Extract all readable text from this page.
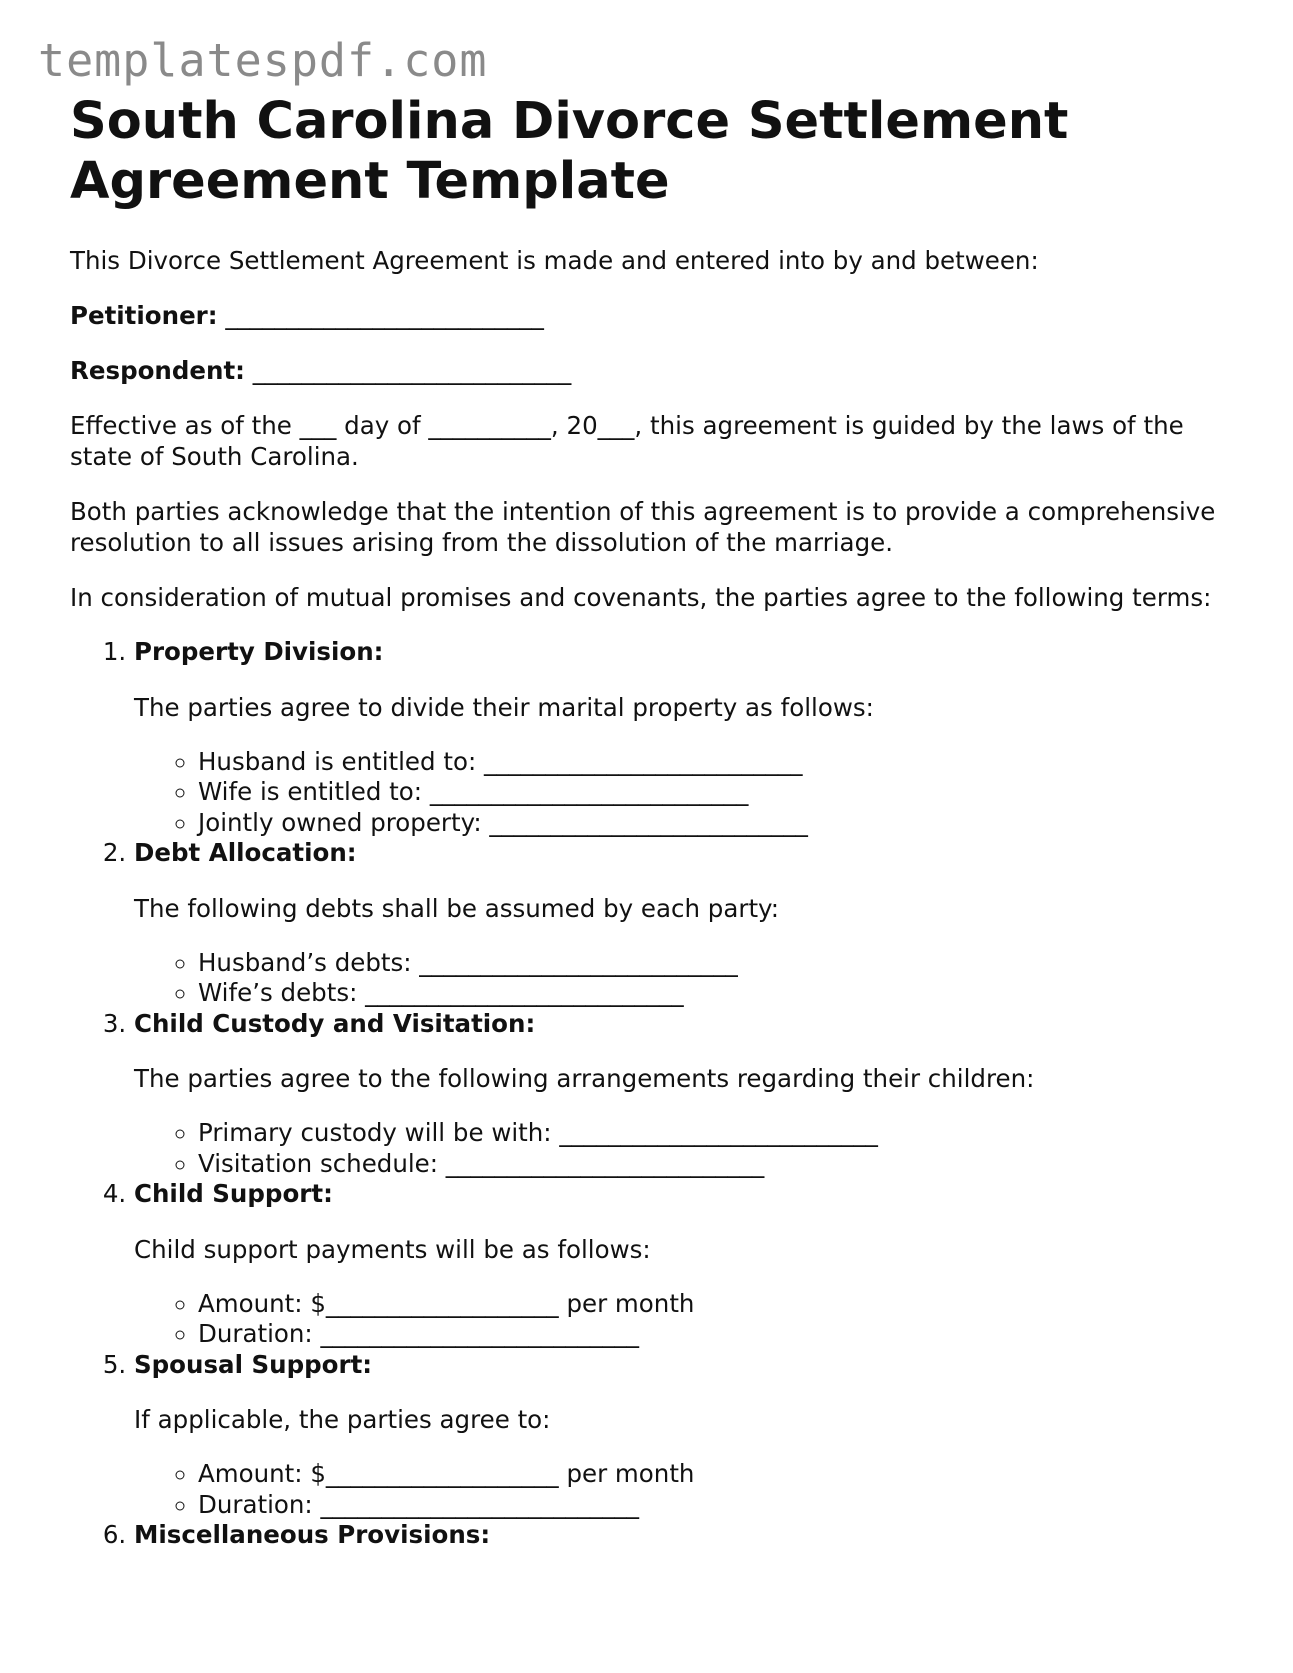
templatespdf.com
South Carolina Divorce Settlement Agreement Template

This Divorce Settlement Agreement is made and entered into by and between:

Petitioner: __________________________

Respondent: __________________________

Effective as of the ___ day of __________, 20___, this agreement is guided by the laws of the state of South Carolina.

Both parties acknowledge that the intention of this agreement is to provide a comprehensive resolution to all issues arising from the dissolution of the marriage.

In consideration of mutual promises and covenants, the parties agree to the following terms:

1. Property Division:
The parties agree to divide their marital property as follows:
◦ Husband is entitled to: __________________________
◦ Wife is entitled to: __________________________
◦ Jointly owned property: __________________________
2. Debt Allocation:
The following debts shall be assumed by each party:
◦ Husband’s debts: __________________________
◦ Wife’s debts: __________________________
3. Child Custody and Visitation:
The parties agree to the following arrangements regarding their children:
◦ Primary custody will be with: __________________________
◦ Visitation schedule: __________________________
4. Child Support:
Child support payments will be as follows:
◦ Amount: $___________________ per month
◦ Duration: __________________________
5. Spousal Support:
If applicable, the parties agree to:
◦ Amount: $___________________ per month
◦ Duration: __________________________
6. Miscellaneous Provisions:
